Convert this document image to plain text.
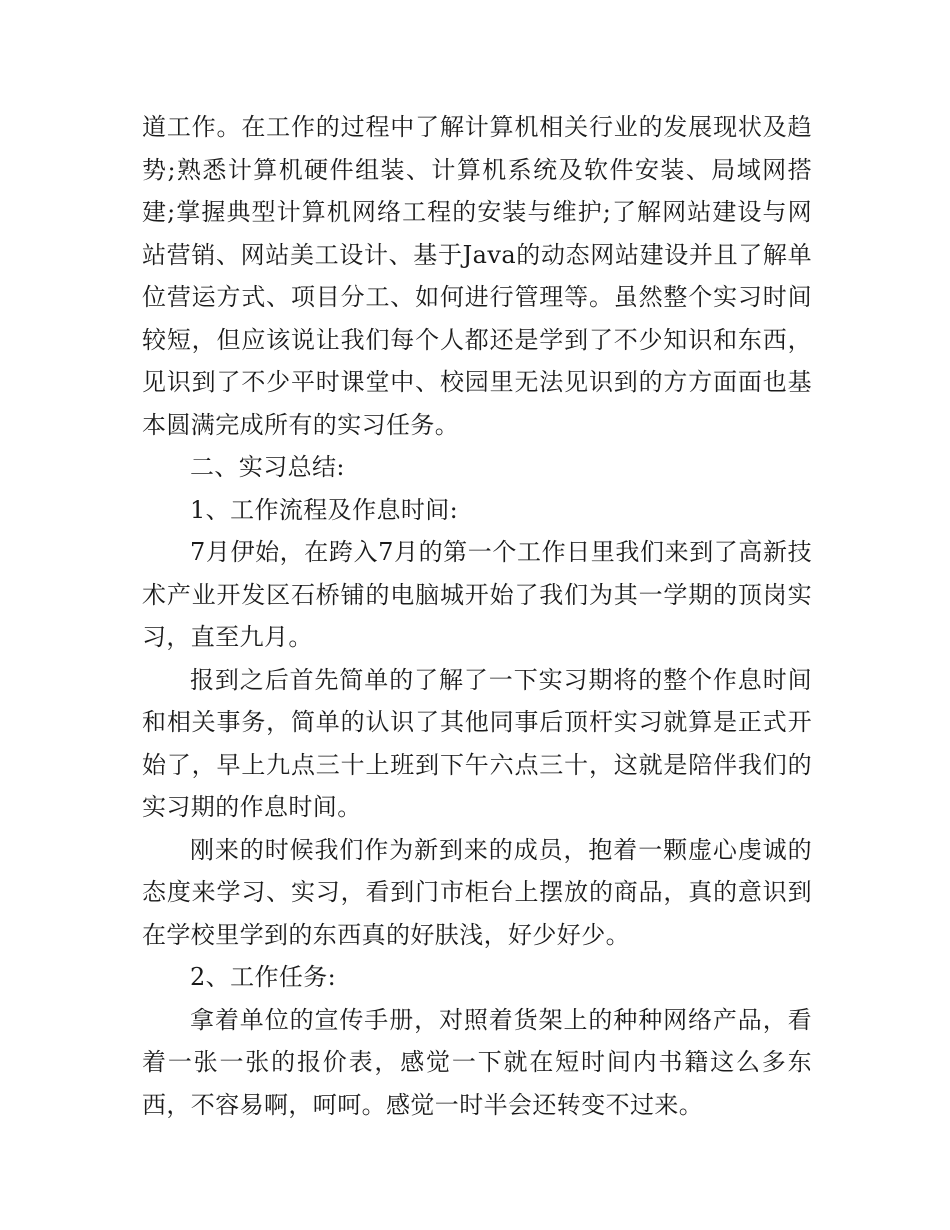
道工作。在工作的过程中了解计算机相关行业的发展现状及趋势;熟悉计算机硬件组装、计算机系统及软件安装、局域网搭建;掌握典型计算机网络工程的安装与维护;了解网站建设与网站营销、网站美工设计、基于Java的动态网站建设并且了解单位营运方式、项目分工、如何进行管理等。虽然整个实习时间较短，但应该说让我们每个人都还是学到了不少知识和东西，见识到了不少平时课堂中、校园里无法见识到的方方面面也基本圆满完成所有的实习任务。

二、实习总结:

1、工作流程及作息时间:

7月伊始，在跨入7月的第一个工作日里我们来到了高新技术产业开发区石桥铺的电脑城开始了我们为其一学期的顶岗实习，直至九月。

报到之后首先简单的了解了一下实习期将的整个作息时间和相关事务，简单的认识了其他同事后顶杆实习就算是正式开始了，早上九点三十上班到下午六点三十，这就是陪伴我们的实习期的作息时间。

刚来的时候我们作为新到来的成员，抱着一颗虚心虔诚的态度来学习、实习，看到门市柜台上摆放的商品，真的意识到在学校里学到的东西真的好肤浅，好少好少。

2、工作任务:

拿着单位的宣传手册，对照着货架上的种种网络产品，看着一张一张的报价表，感觉一下就在短时间内书籍这么多东西，不容易啊，呵呵。感觉一时半会还转变不过来。
